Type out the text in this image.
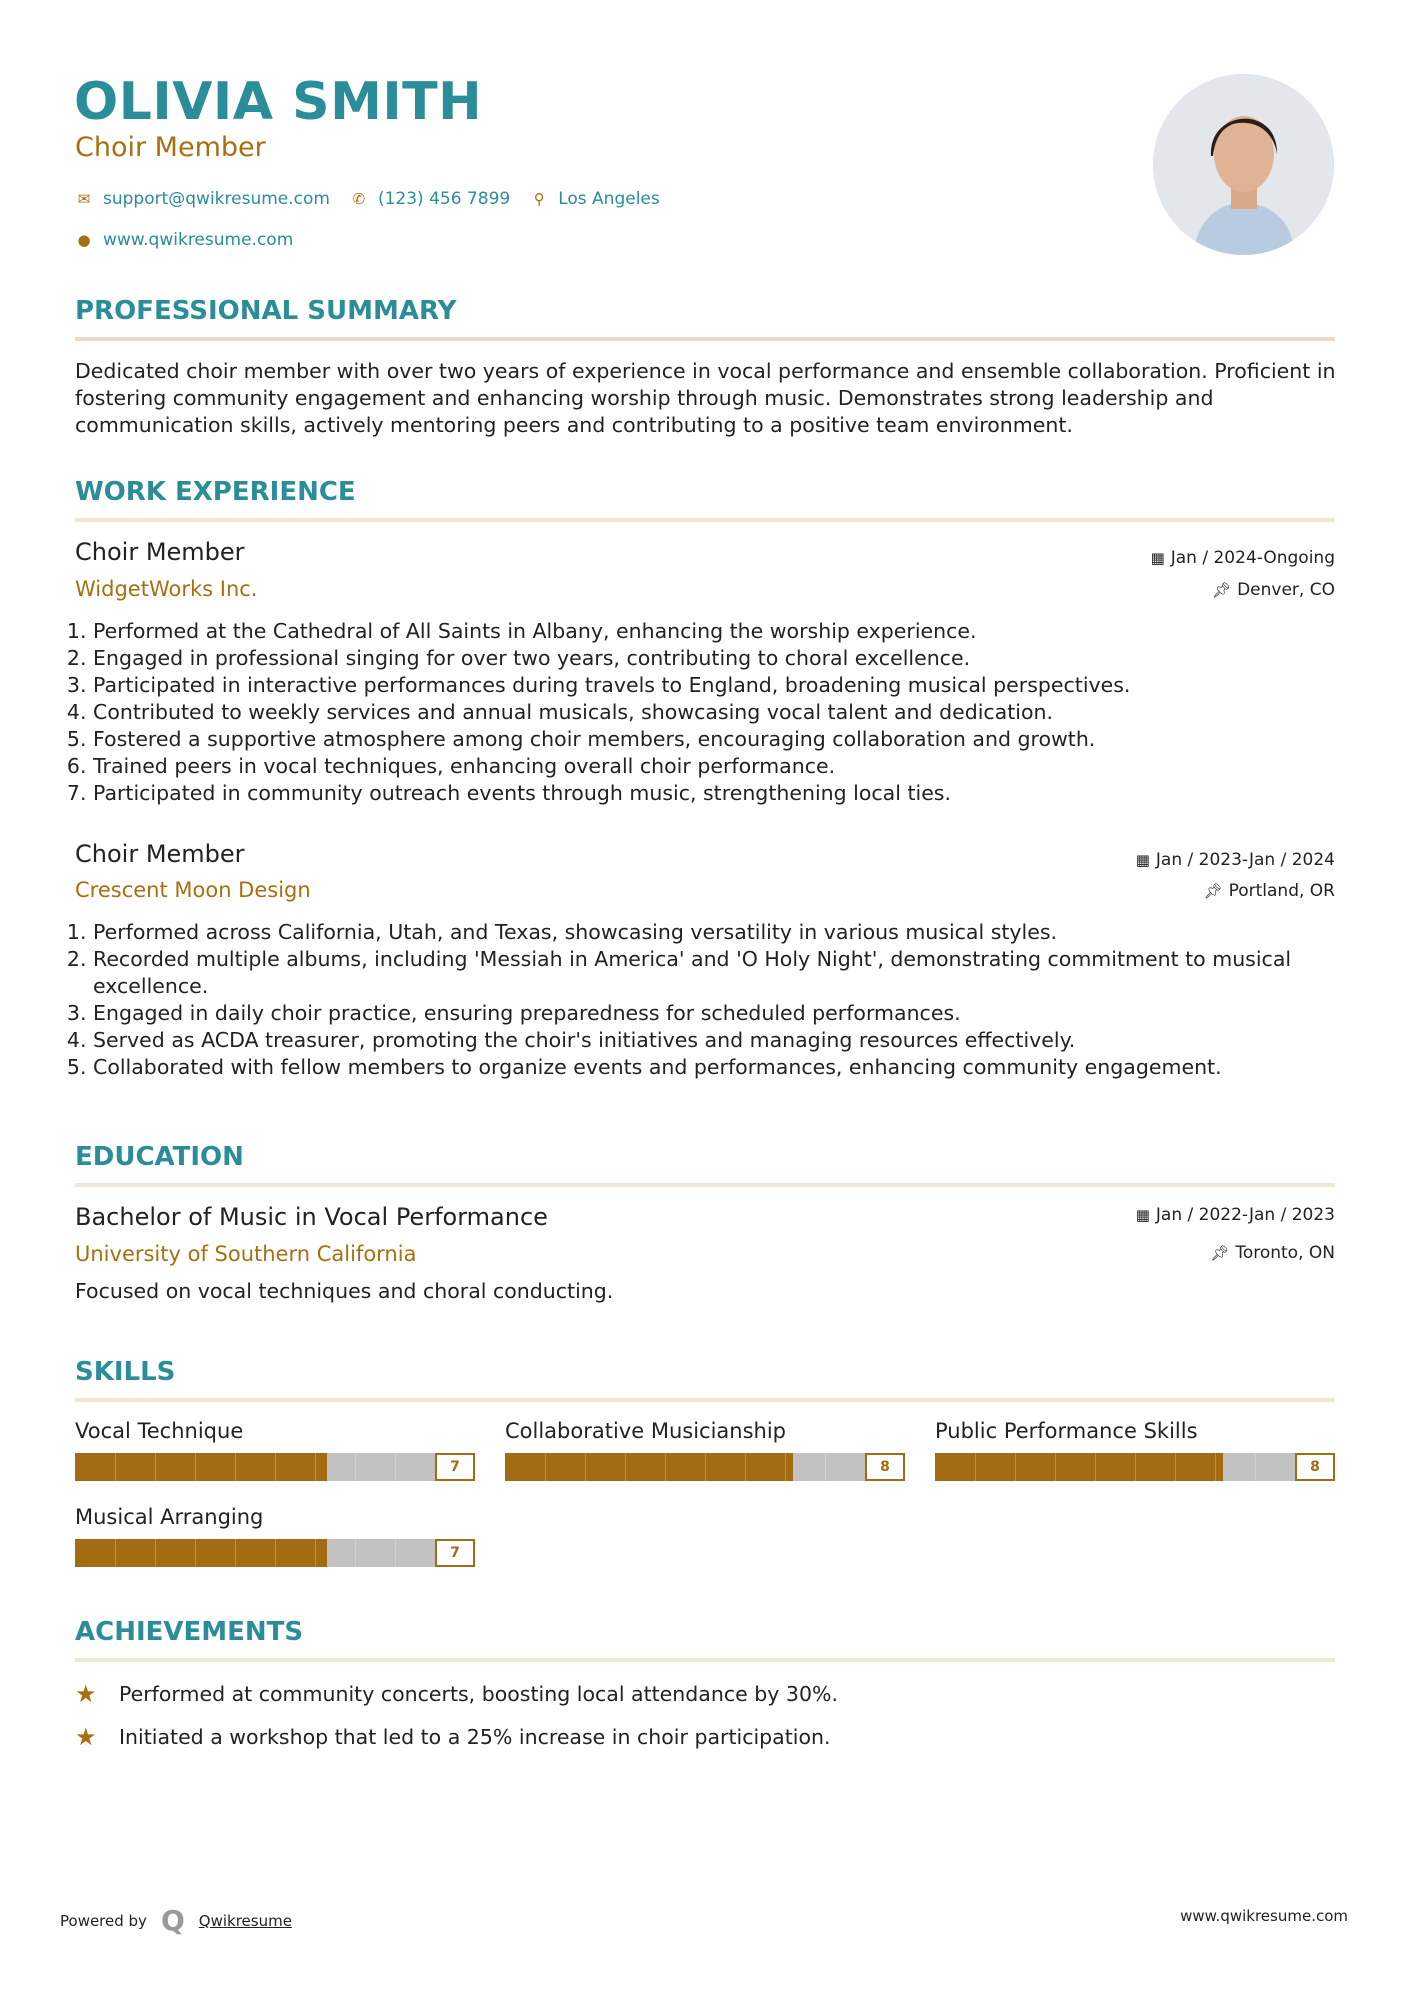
OLIVIA SMITH
Choir Member
✉ support@qwikresume.com ✆ (123) 456 7899 ⚲ Los Angeles
● www.qwikresume.com
PROFESSIONAL SUMMARY
Dedicated choir member with over two years of experience in vocal performance and ensemble collaboration. Proficient in fostering community engagement and enhancing worship through music. Demonstrates strong leadership and communication skills, actively mentoring peers and contributing to a positive team environment.
WORK EXPERIENCE
Choir Member	▦ Jan / 2024-Ongoing
WidgetWorks Inc.	📌︎ Denver, CO
1. Performed at the Cathedral of All Saints in Albany, enhancing the worship experience.
2. Engaged in professional singing for over two years, contributing to choral excellence.
3. Participated in interactive performances during travels to England, broadening musical perspectives.
4. Contributed to weekly services and annual musicals, showcasing vocal talent and dedication.
5. Fostered a supportive atmosphere among choir members, encouraging collaboration and growth.
6. Trained peers in vocal techniques, enhancing overall choir performance.
7. Participated in community outreach events through music, strengthening local ties.
Choir Member	▦ Jan / 2023-Jan / 2024
Crescent Moon Design	📌︎ Portland, OR
1. Performed across California, Utah, and Texas, showcasing versatility in various musical styles.
2. Recorded multiple albums, including 'Messiah in America' and 'O Holy Night', demonstrating commitment to musical excellence.
3. Engaged in daily choir practice, ensuring preparedness for scheduled performances.
4. Served as ACDA treasurer, promoting the choir's initiatives and managing resources effectively.
5. Collaborated with fellow members to organize events and performances, enhancing community engagement.
EDUCATION
Bachelor of Music in Vocal Performance	▦ Jan / 2022-Jan / 2023
University of Southern California	📌︎ Toronto, ON
Focused on vocal techniques and choral conducting.
SKILLS
Vocal Technique
7
Collaborative Musicianship
8
Public Performance Skills
8
Musical Arranging
7
ACHIEVEMENTS
★	Performed at community concerts, boosting local attendance by 30%.
★	Initiated a workshop that led to a 25% increase in choir participation.
Powered by Q Qwikresume	www.qwikresume.com
